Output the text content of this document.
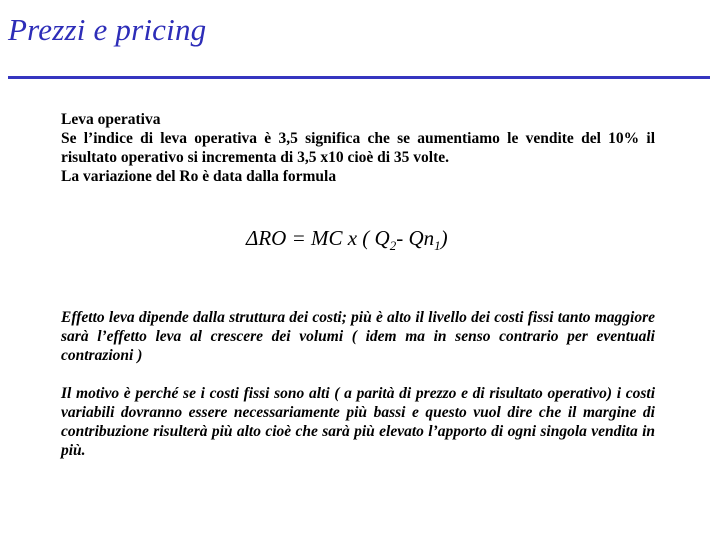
Prezzi e pricing

Leva operativa

Se l’indice di leva operativa è 3,5 significa che se aumentiamo le vendite del 10% il risultato operativo si incrementa di 3,5 x10 cioè di 35 volte.

La variazione del Ro è data dalla formula

ΔRO = MC x ( $Q_2-$ $Qn_1$)

Effetto leva dipende dalla struttura dei costi; più è alto il livello dei costi fissi tanto maggiore sarà l’effetto leva al crescere dei volumi ( idem ma in senso contrario per eventuali contrazioni )

Il motivo è perché se i costi fissi sono alti ( a parità di prezzo e di risultato operativo) i costi variabili dovranno essere necessariamente più bassi e questo vuol dire che il margine di contribuzione risulterà più alto cioè che sarà più elevato l’apporto di ogni singola vendita in più.
